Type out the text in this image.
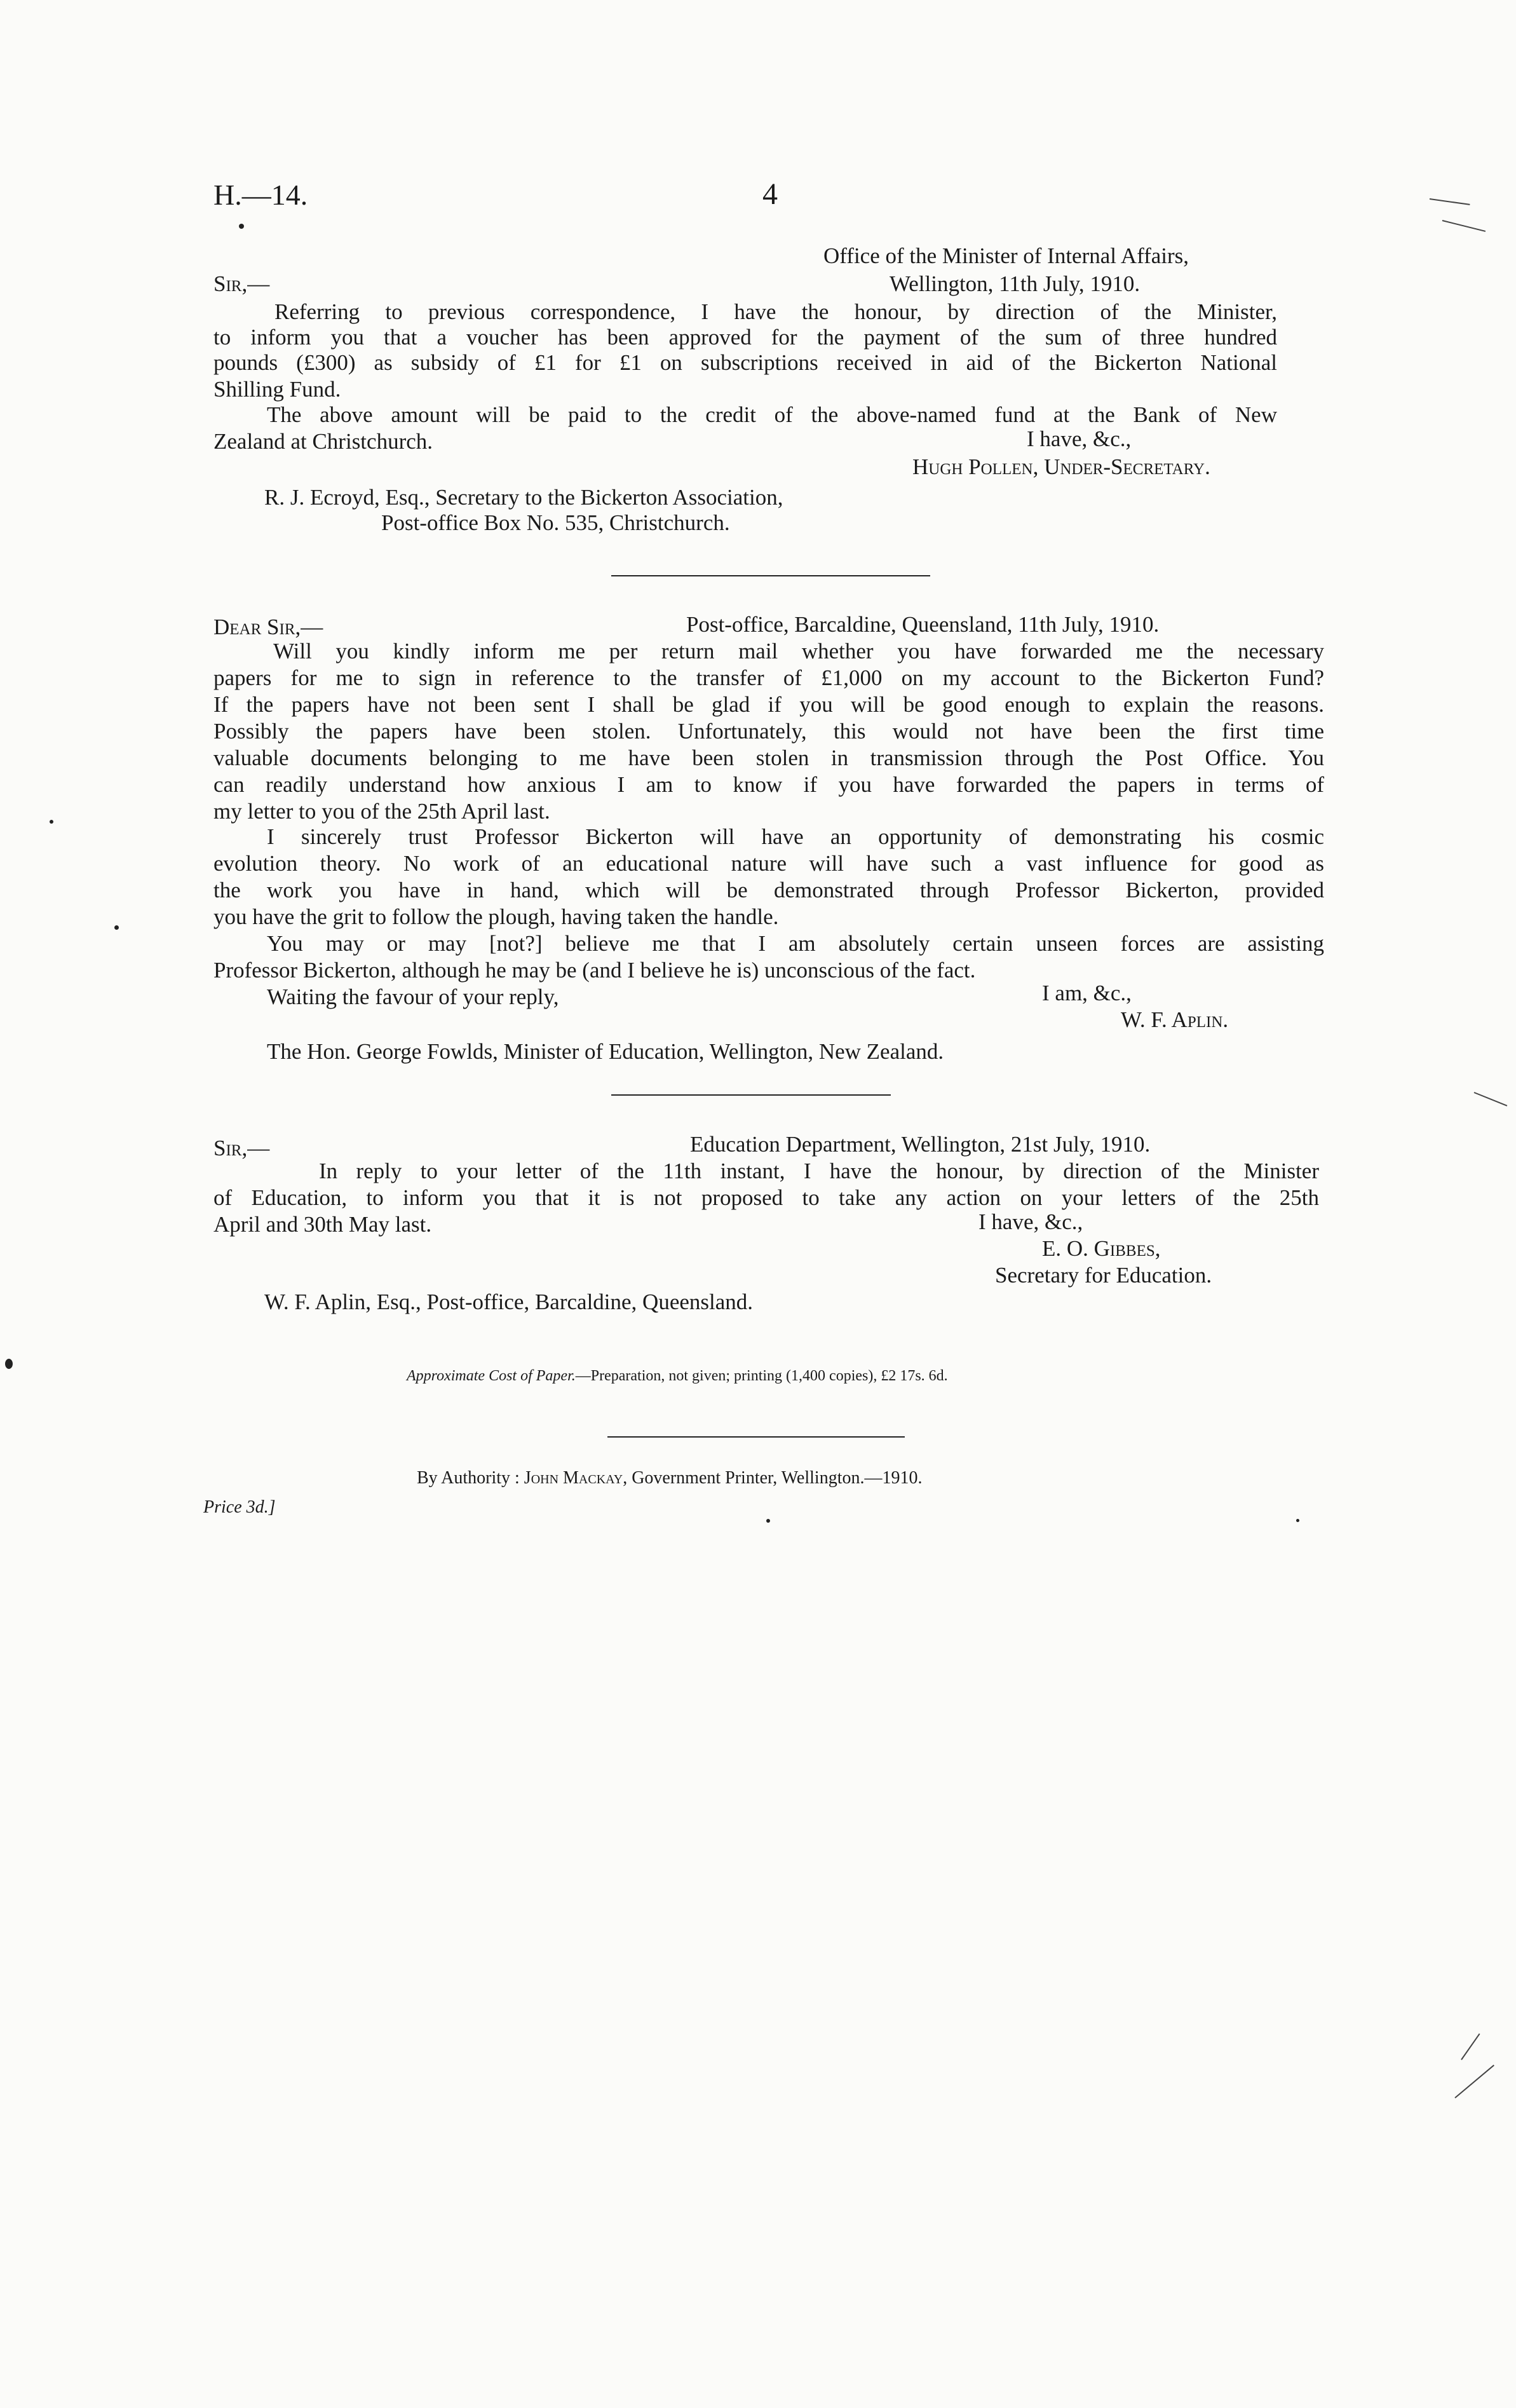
H.—14.	4
Office of the Minister of Internal Affairs,
Sir,—	Wellington, 11th July, 1910.
Referring to previous correspondence, I have the honour, by direction of the Minister,
to inform you that a voucher has been approved for the payment of the sum of three hundred
pounds (£300) as subsidy of £1 for £1 on subscriptions received in aid of the Bickerton National
Shilling Fund.
The above amount will be paid to the credit of the above-named fund at the Bank of New
Zealand at Christchurch.	I have, &c.,
Hugh Pollen, Under-Secretary.
R. J. Ecroyd, Esq., Secretary to the Bickerton Association,
Post-office Box No. 535, Christchurch.
Dear Sir,—	Post-office, Barcaldine, Queensland, 11th July, 1910.
Will you kindly inform me per return mail whether you have forwarded me the necessary
papers for me to sign in reference to the transfer of £1,000 on my account to the Bickerton Fund?
If the papers have not been sent I shall be glad if you will be good enough to explain the reasons.
Possibly the papers have been stolen. Unfortunately, this would not have been the first time
valuable documents belonging to me have been stolen in transmission through the Post Office. You
can readily understand how anxious I am to know if you have forwarded the papers in terms of
my letter to you of the 25th April last.
I sincerely trust Professor Bickerton will have an opportunity of demonstrating his cosmic
evolution theory. No work of an educational nature will have such a vast influence for good as
the work you have in hand, which will be demonstrated through Professor Bickerton, provided
you have the grit to follow the plough, having taken the handle.
You may or may [not?] believe me that I am absolutely certain unseen forces are assisting
Professor Bickerton, although he may be (and I believe he is) unconscious of the fact.
Waiting the favour of your reply,	I am, &c.,
W. F. Aplin.
The Hon. George Fowlds, Minister of Education, Wellington, New Zealand.
Sir,—	Education Department, Wellington, 21st July, 1910.
In reply to your letter of the 11th instant, I have the honour, by direction of the Minister
of Education, to inform you that it is not proposed to take any action on your letters of the 25th
April and 30th May last.	I have, &c.,
E. O. Gibbes,
Secretary for Education.
W. F. Aplin, Esq., Post-office, Barcaldine, Queensland.
Approximate Cost of Paper.—Preparation, not given; printing (1,400 copies), £2 17s. 6d.
By Authority : John Mackay, Government Printer, Wellington.—1910.
Price 3d.]
